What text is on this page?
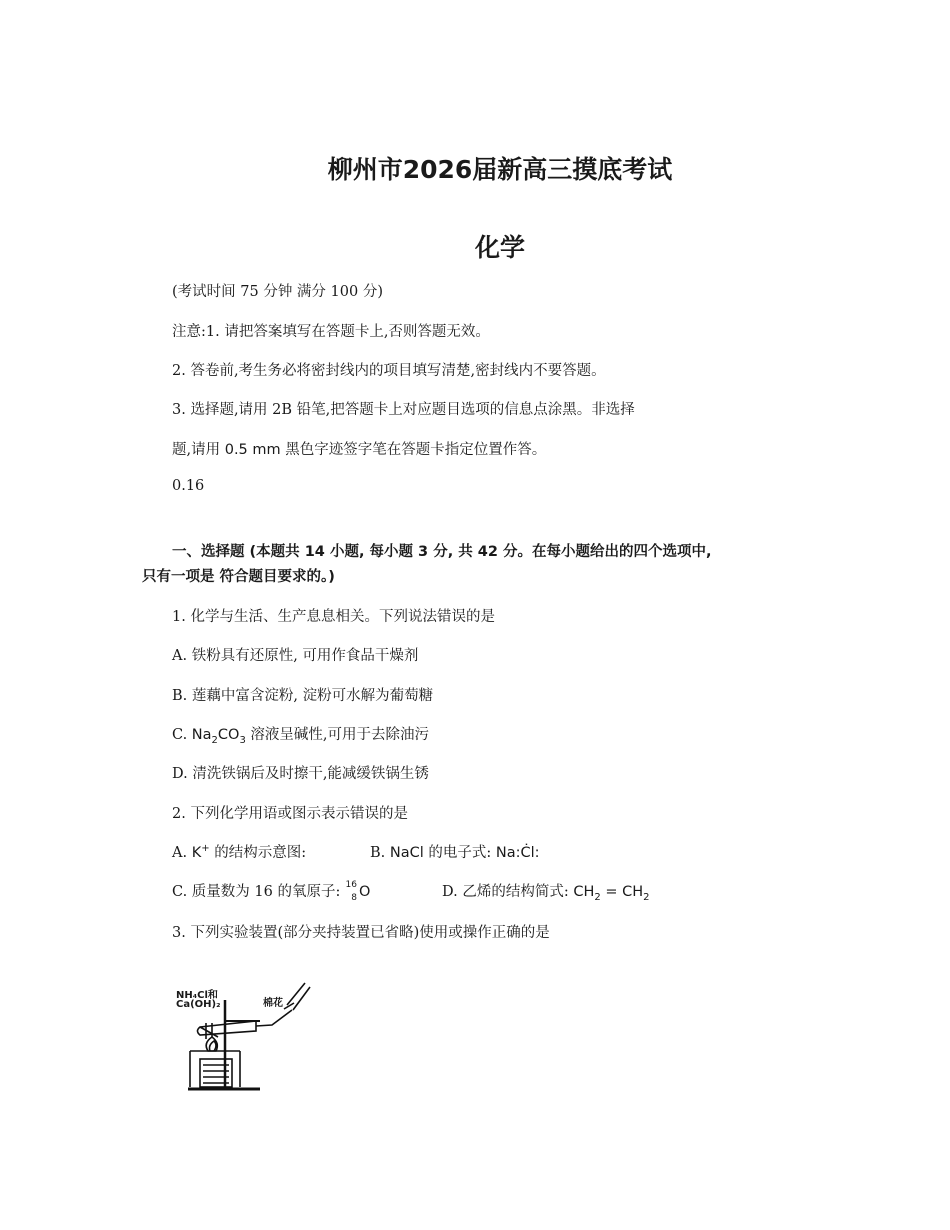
柳州市2026届新高三摸底考试
化学
(考试时间 75 分钟 满分 100 分)
注意:1. 请把答案填写在答题卡上,否则答题无效。
2. 答卷前,考生务必将密封线内的项目填写清楚,密封线内不要答题。
3. 选择题,请用 2B 铅笔,把答题卡上对应题目选项的信息点涂黑。非选择
题,请用 0.5 mm 黑色字迹签字笔在答题卡指定位置作答。
0.16
一、选择题 (本题共 14 小题, 每小题 3 分, 共 42 分。在每小题给出的四个选项中,
只有一项是 符合题目要求的。)
1. 化学与生活、生产息息相关。下列说法错误的是
A. 铁粉具有还原性, 可用作食品干燥剂
B. 莲藕中富含淀粉, 淀粉可水解为葡萄糖
C. $Na_2CO_3$ 溶液呈碱性,可用于去除油污
D. 清洗铁锅后及时擦干,能减缓铁锅生锈
2. 下列化学用语或图示表示错误的是
A. K+ 的结构示意图:	B. NaCl 的电子式: Na:Ċl:
C. 质量数为 16 的氧原子: 16
8 O	D. 乙烯的结构简式: $CH_2 = CH_2$
3. 下列实验装置(部分夹持装置已省略)使用或操作正确的是
NH₄Cl和
Ca(OH)₂	棉花
